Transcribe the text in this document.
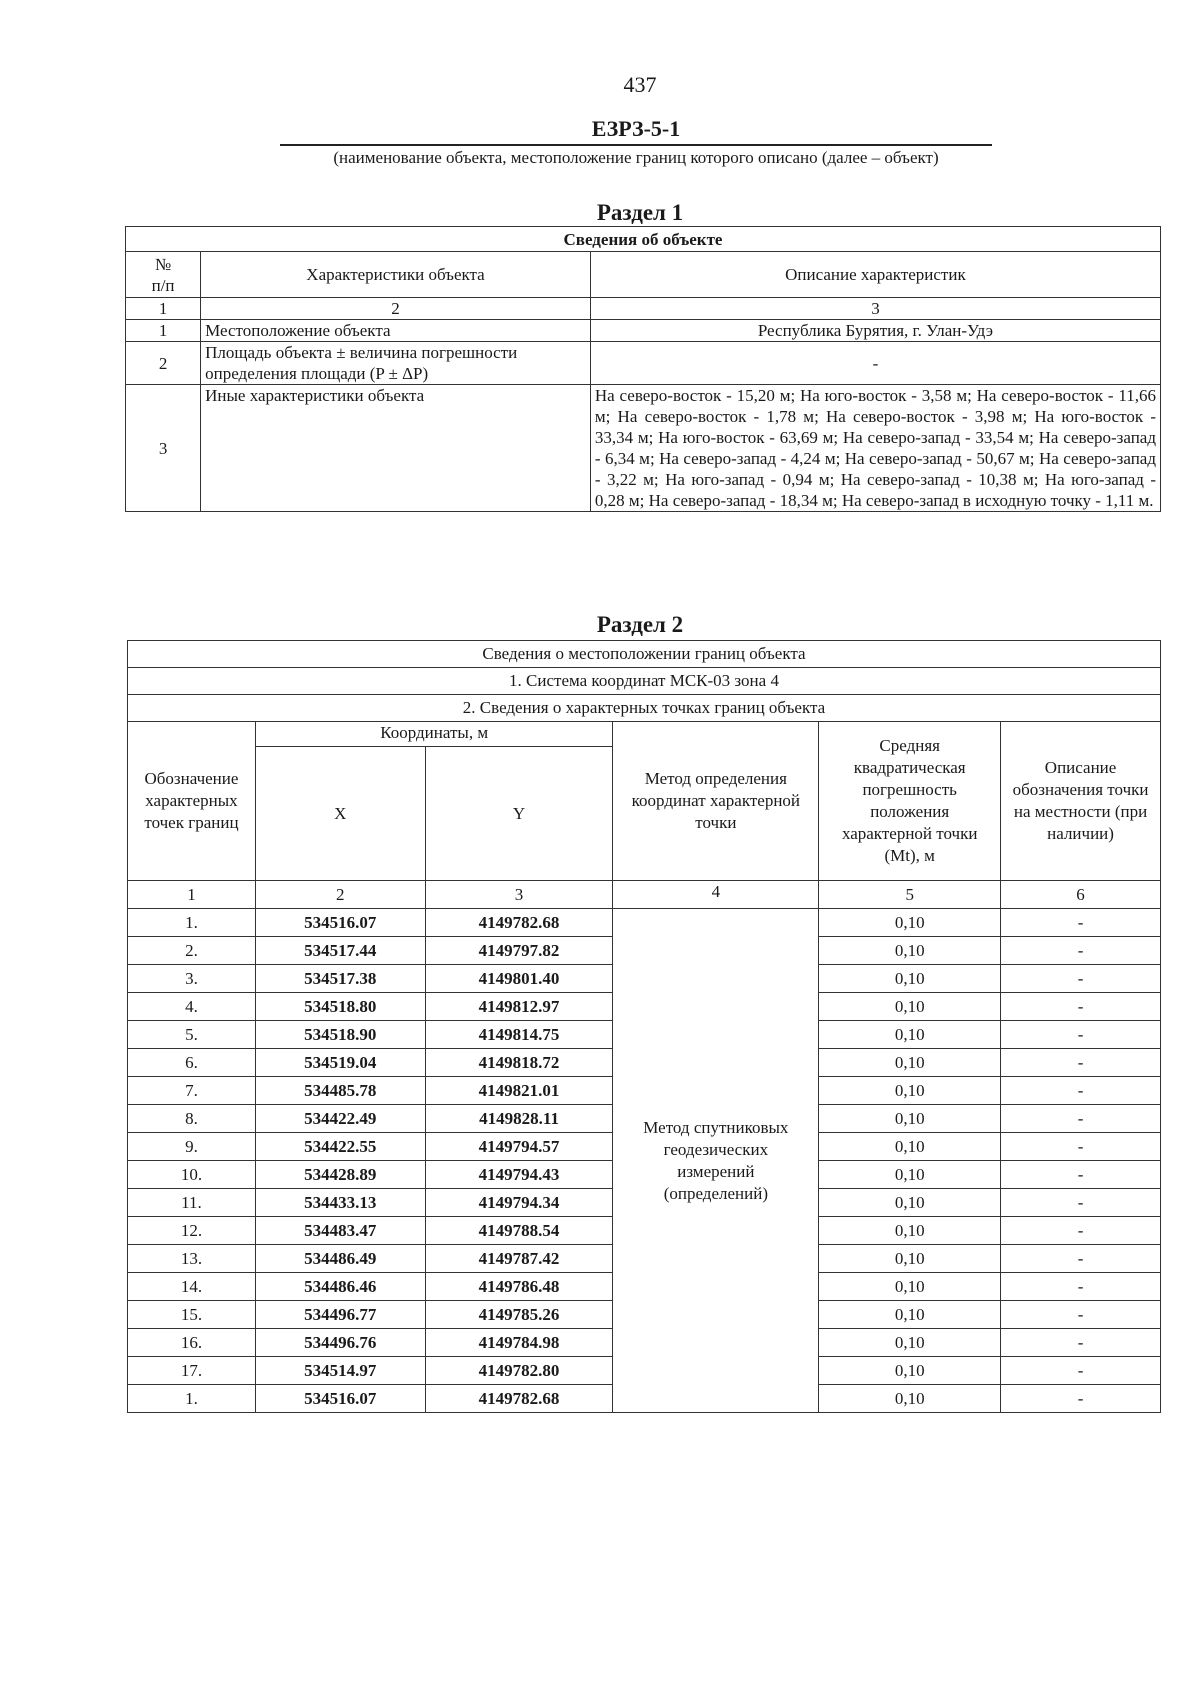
437
ЕЗРЗ-5-1
(наименование объекта, местоположение границ которого описано (далее – объект)
Раздел 1
Сведения об объекте		
№
п/п	Характеристики объекта	Описание характеристик
1	2	3
1	Местоположение объекта	Республика Бурятия, г. Улан-Удэ
2	Площадь объекта ± величина погрешности определения площади (P ± ΔP)	-
3	Иные характеристики объекта	На северо-восток - 15,20 м; На юго-восток - 3,58 м; На северо-восток - 11,66 м; На северо-восток - 1,78 м; На северо-восток - 3,98 м; На юго-восток - 33,34 м; На юго-восток - 63,69 м; На северо-запад - 33,54 м; На северо-запад - 6,34 м; На северо-запад - 4,24 м; На северо-запад - 50,67 м; На северо-запад - 3,22 м; На юго-запад - 0,94 м; На северо-запад - 10,38 м; На юго-запад - 0,28 м; На северо-запад - 18,34 м; На северо-запад в исходную точку - 1,11 м.
Раздел 2
Сведения о местоположении границ объекта					
1. Система координат МСК-03 зона 4					
2. Сведения о характерных точках границ объекта					
Обозначение характерных точек границ	Координаты, м		Метод определения координат характерной точки	Средняя квадратическая погрешность положения характерной точки (Mt), м	Описание обозначения точки на местности (при наличии)
	X	Y			
1	2	3	4	5	6
1.	534516.07	4149782.68	Метод спутниковых геодезических измерений (определений)	0,10	-
2.	534517.44	4149797.82		0,10	-
3.	534517.38	4149801.40		0,10	-
4.	534518.80	4149812.97		0,10	-
5.	534518.90	4149814.75		0,10	-
6.	534519.04	4149818.72		0,10	-
7.	534485.78	4149821.01		0,10	-
8.	534422.49	4149828.11		0,10	-
9.	534422.55	4149794.57		0,10	-
10.	534428.89	4149794.43		0,10	-
11.	534433.13	4149794.34		0,10	-
12.	534483.47	4149788.54		0,10	-
13.	534486.49	4149787.42		0,10	-
14.	534486.46	4149786.48		0,10	-
15.	534496.77	4149785.26		0,10	-
16.	534496.76	4149784.98		0,10	-
17.	534514.97	4149782.80		0,10	-
1.	534516.07	4149782.68		0,10	-
